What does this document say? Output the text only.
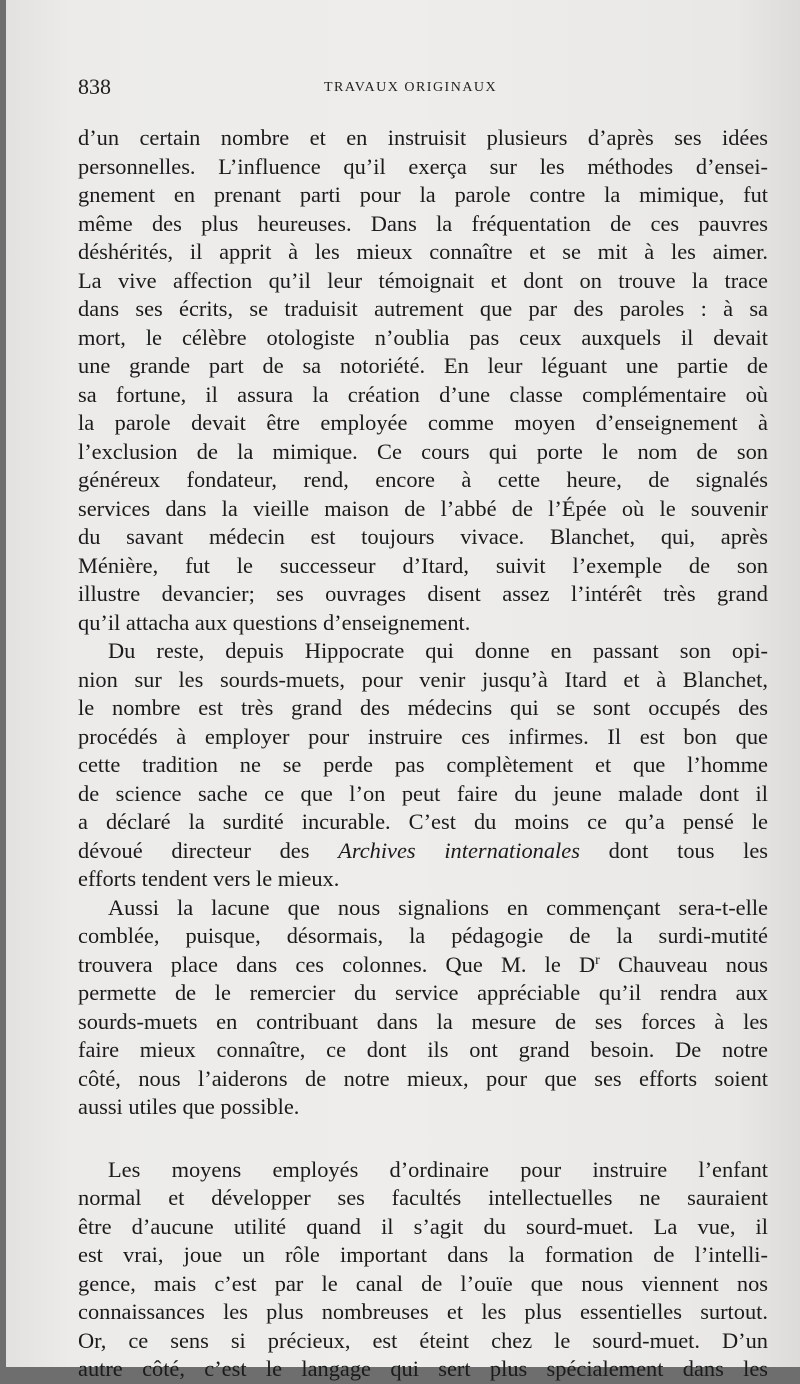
838	TRAVAUX ORIGINAUX
d’un certain nombre et en instruisit plusieurs d’après ses idées
personnelles. L’influence qu’il exerça sur les méthodes d’ensei-
gnement en prenant parti pour la parole contre la mimique, fut
même des plus heureuses. Dans la fréquentation de ces pauvres
déshérités, il apprit à les mieux connaître et se mit à les aimer.
La vive affection qu’il leur témoignait et dont on trouve la trace
dans ses écrits, se traduisit autrement que par des paroles : à sa
mort, le célèbre otologiste n’oublia pas ceux auxquels il devait
une grande part de sa notoriété. En leur léguant une partie de
sa fortune, il assura la création d’une classe complémentaire où
la parole devait être employée comme moyen d’enseignement à
l’exclusion de la mimique. Ce cours qui porte le nom de son
généreux fondateur, rend, encore à cette heure, de signalés
services dans la vieille maison de l’abbé de l’Épée où le souvenir
du savant médecin est toujours vivace. Blanchet, qui, après
Ménière, fut le successeur d’Itard, suivit l’exemple de son
illustre devancier; ses ouvrages disent assez l’intérêt très grand
qu’il attacha aux questions d’enseignement.
Du reste, depuis Hippocrate qui donne en passant son opi-
nion sur les sourds-muets, pour venir jusqu’à Itard et à Blanchet,
le nombre est très grand des médecins qui se sont occupés des
procédés à employer pour instruire ces infirmes. Il est bon que
cette tradition ne se perde pas complètement et que l’homme
de science sache ce que l’on peut faire du jeune malade dont il
a déclaré la surdité incurable. C’est du moins ce qu’a pensé le
dévoué directeur des Archives internationales dont tous les
efforts tendent vers le mieux.
Aussi la lacune que nous signalions en commençant sera-t-elle
comblée, puisque, désormais, la pédagogie de la surdi-mutité
trouvera place dans ces colonnes. Que M. le $D^r$ Chauveau nous
permette de le remercier du service appréciable qu’il rendra aux
sourds-muets en contribuant dans la mesure de ses forces à les
faire mieux connaître, ce dont ils ont grand besoin. De notre
côté, nous l’aiderons de notre mieux, pour que ses efforts soient
aussi utiles que possible.
Les moyens employés d’ordinaire pour instruire l’enfant
normal et développer ses facultés intellectuelles ne sauraient
être d’aucune utilité quand il s’agit du sourd-muet. La vue, il
est vrai, joue un rôle important dans la formation de l’intelli-
gence, mais c’est par le canal de l’ouïe que nous viennent nos
connaissances les plus nombreuses et les plus essentielles surtout.
Or, ce sens si précieux, est éteint chez le sourd-muet. D’un
autre côté, c’est le langage qui sert plus spécialement dans les
